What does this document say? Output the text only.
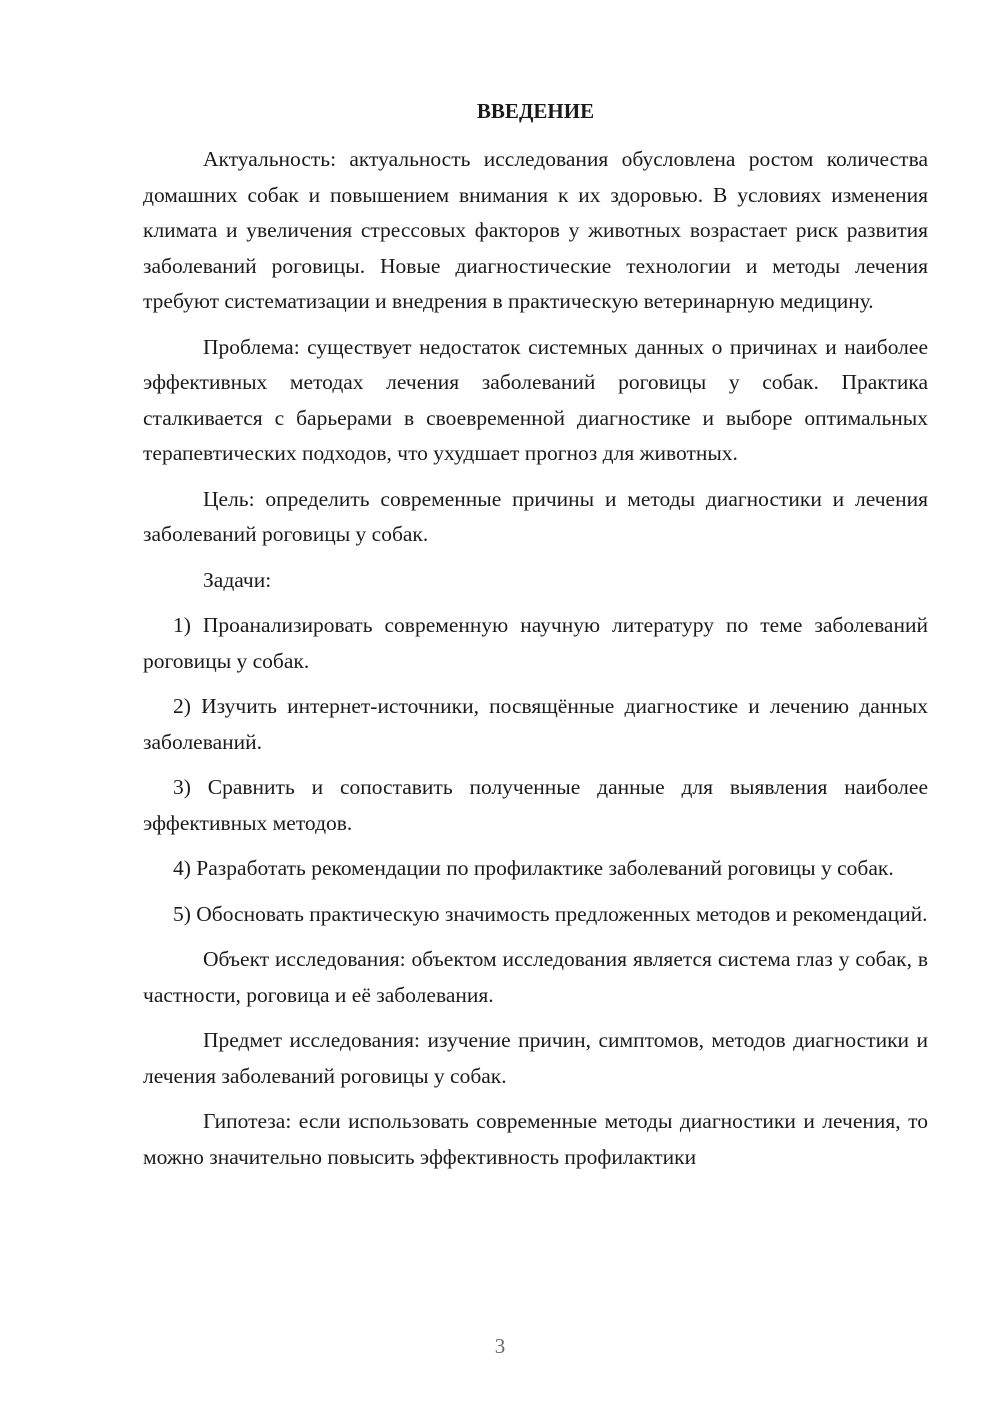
ВВЕДЕНИЕ

Актуальность: актуальность исследования обусловлена ростом количества домашних собак и повышением внимания к их здоровью. В условиях изменения климата и увеличения стрессовых факторов у животных возрастает риск развития заболеваний роговицы. Новые диагностические технологии и методы лечения требуют систематизации и внедрения в практическую ветеринарную медицину.

Проблема: существует недостаток системных данных о причинах и наиболее эффективных методах лечения заболеваний роговицы у собак. Практика сталкивается с барьерами в своевременной диагностике и выборе оптимальных терапевтических подходов, что ухудшает прогноз для животных.

Цель: определить современные причины и методы диагностики и лечения заболеваний роговицы у собак.

Задачи:

1) Проанализировать современную научную литературу по теме заболеваний роговицы у собак.

2) Изучить интернет-источники, посвящённые диагностике и лечению данных заболеваний.

3) Сравнить и сопоставить полученные данные для выявления наиболее эффективных методов.

4) Разработать рекомендации по профилактике заболеваний роговицы у собак.

5) Обосновать практическую значимость предложенных методов и рекомендаций.

Объект исследования: объектом исследования является система глаз у собак, в частности, роговица и её заболевания.

Предмет исследования: изучение причин, симптомов, методов диагностики и лечения заболеваний роговицы у собак.

Гипотеза: если использовать современные методы диагностики и лечения, то можно значительно повысить эффективность профилактики

3
